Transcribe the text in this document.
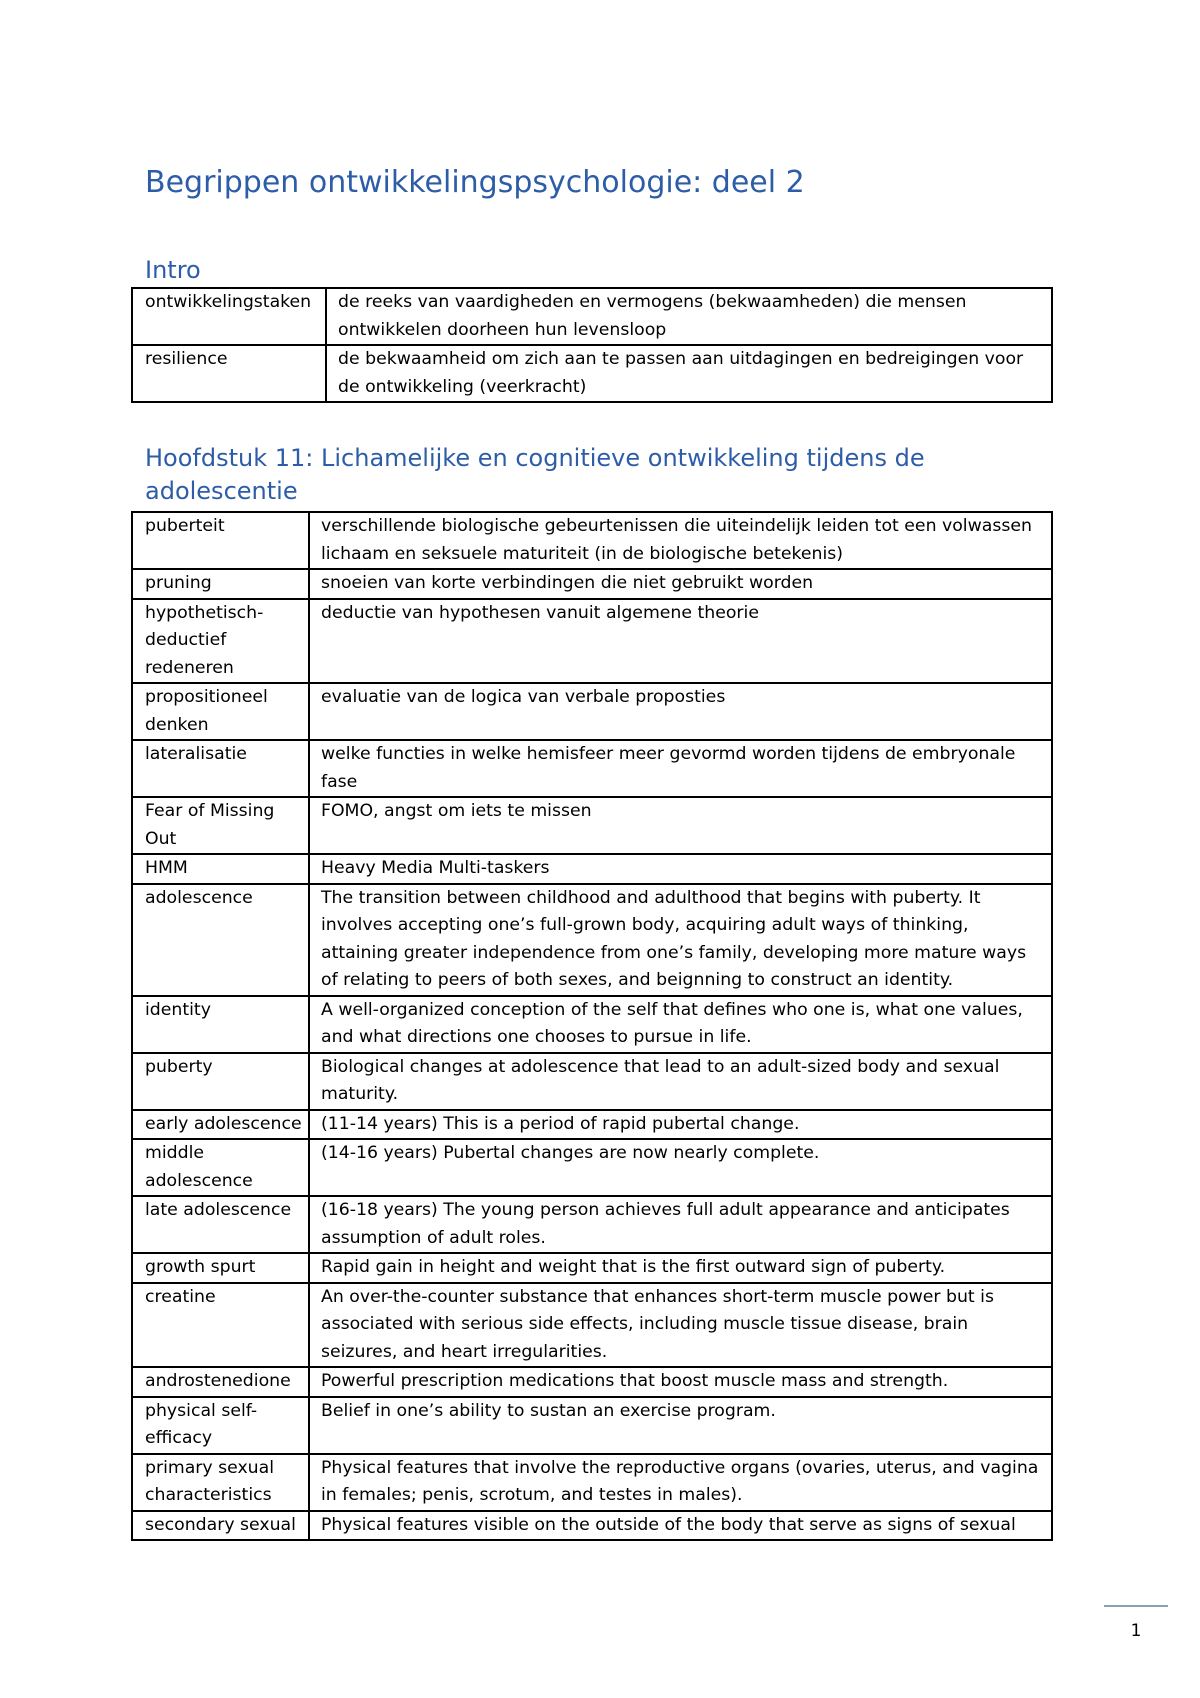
Begrippen ontwikkelingspsychologie: deel 2
Intro
ontwikkelingstaken	de reeks van vaardigheden en vermogens (bekwaamheden) die mensen ontwikkelen doorheen hun levensloop
resilience	de bekwaamheid om zich aan te passen aan uitdagingen en bedreigingen voor de ontwikkeling (veerkracht)
Hoofdstuk 11: Lichamelijke en cognitieve ontwikkeling tijdens de adolescentie
puberteit	verschillende biologische gebeurtenissen die uiteindelijk leiden tot een volwassen lichaam en seksuele maturiteit (in de biologische betekenis)
pruning	snoeien van korte verbindingen die niet gebruikt worden
hypothetisch-deductief redeneren	deductie van hypothesen vanuit algemene theorie
propositioneel denken	evaluatie van de logica van verbale proposties
lateralisatie	welke functies in welke hemisfeer meer gevormd worden tijdens de embryonale fase
Fear of Missing Out	FOMO, angst om iets te missen
HMM	Heavy Media Multi-taskers
adolescence	The transition between childhood and adulthood that begins with puberty. It involves accepting one’s full-grown body, acquiring adult ways of thinking, attaining greater independence from one’s family, developing more mature ways of relating to peers of both sexes, and beignning to construct an identity.
identity	A well-organized conception of the self that defines who one is, what one values, and what directions one chooses to pursue in life.
puberty	Biological changes at adolescence that lead to an adult-sized body and sexual maturity.
early adolescence	(11-14 years) This is a period of rapid pubertal change.
middle adolescence	(14-16 years) Pubertal changes are now nearly complete.
late adolescence	(16-18 years) The young person achieves full adult appearance and anticipates assumption of adult roles.
growth spurt	Rapid gain in height and weight that is the first outward sign of puberty.
creatine	An over-the-counter substance that enhances short-term muscle power but is associated with serious side effects, including muscle tissue disease, brain seizures, and heart irregularities.
androstenedione	Powerful prescription medications that boost muscle mass and strength.
physical self-efficacy	Belief in one’s ability to sustan an exercise program.
primary sexual characteristics	Physical features that involve the reproductive organs (ovaries, uterus, and vagina in females; penis, scrotum, and testes in males).
secondary sexual	Physical features visible on the outside of the body that serve as signs of sexual
1
